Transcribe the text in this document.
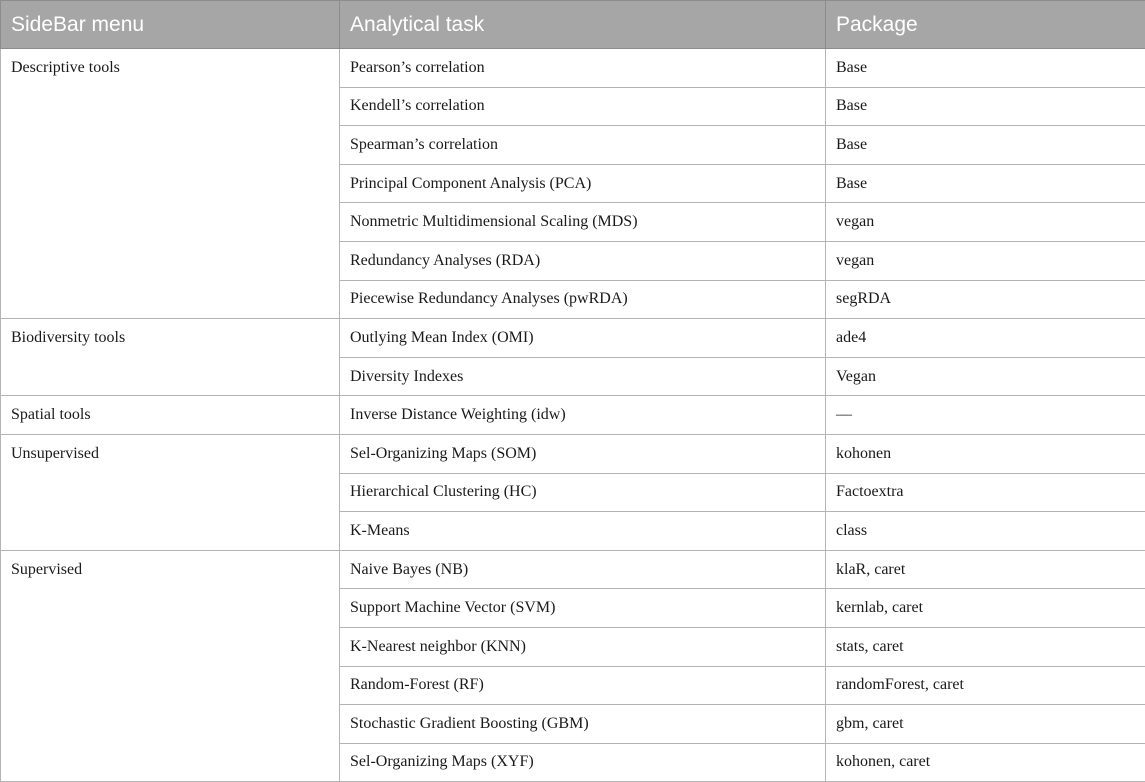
SideBar menu	Analytical task	Package
Descriptive tools	Pearson’s correlation	Base
	Kendell’s correlation	Base
	Spearman’s correlation	Base
	Principal Component Analysis (PCA)	Base
	Nonmetric Multidimensional Scaling (MDS)	vegan
	Redundancy Analyses (RDA)	vegan
	Piecewise Redundancy Analyses (pwRDA)	segRDA
Biodiversity tools	Outlying Mean Index (OMI)	ade4
	Diversity Indexes	Vegan
Spatial tools	Inverse Distance Weighting (idw)	—
Unsupervised	Sel-Organizing Maps (SOM)	kohonen
	Hierarchical Clustering (HC)	Factoextra
	K-Means	class
Supervised	Naive Bayes (NB)	klaR, caret
	Support Machine Vector (SVM)	kernlab, caret
	K-Nearest neighbor (KNN)	stats, caret
	Random-Forest (RF)	randomForest, caret
	Stochastic Gradient Boosting (GBM)	gbm, caret
	Sel-Organizing Maps (XYF)	kohonen, caret
